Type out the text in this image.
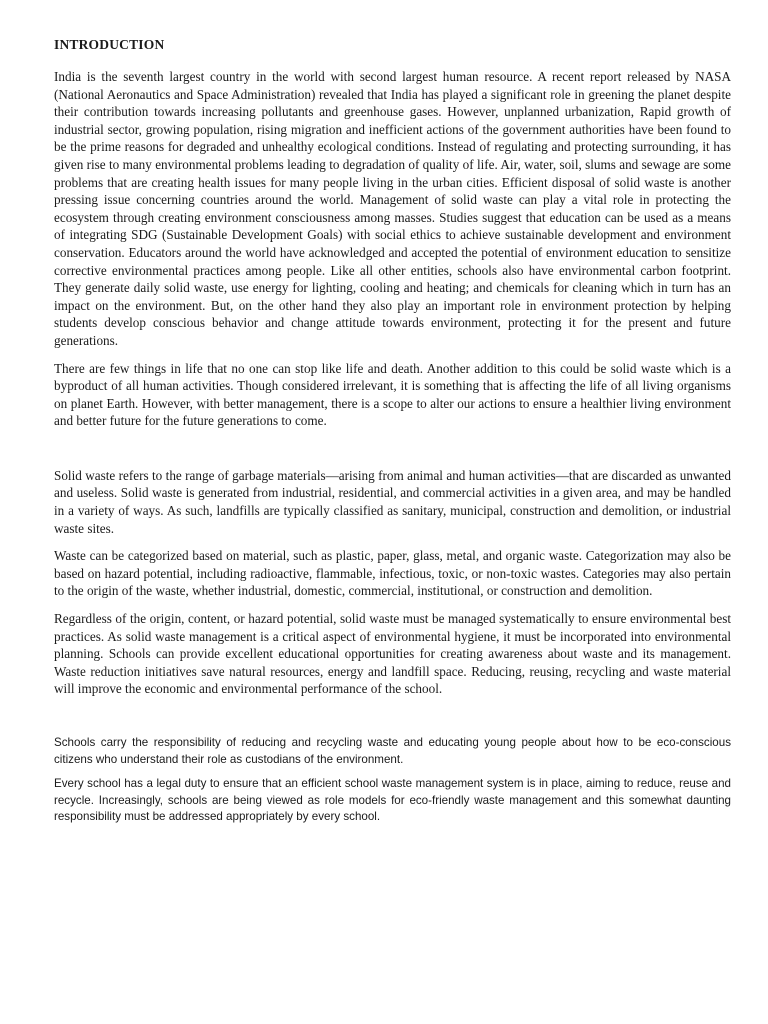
INTRODUCTION

India is the seventh largest country in the world with second largest human resource. A recent report released by NASA (National Aeronautics and Space Administration) revealed that India has played a significant role in greening the planet despite their contribution towards increasing pollutants and greenhouse gases. However, unplanned urbanization, Rapid growth of industrial sector, growing population, rising migration and inefficient actions of the government authorities have been found to be the prime reasons for degraded and unhealthy ecological conditions. Instead of regulating and protecting surrounding, it has given rise to many environmental problems leading to degradation of quality of life. Air, water, soil, slums and sewage are some problems that are creating health issues for many people living in the urban cities. Efficient disposal of solid waste is another pressing issue concerning countries around the world. Management of solid waste can play a vital role in protecting the ecosystem through creating environment consciousness among masses. Studies suggest that education can be used as a means of integrating SDG (Sustainable Development Goals) with social ethics to achieve sustainable development and environment conservation. Educators around the world have acknowledged and accepted the potential of environment education to sensitize corrective environmental practices among people. Like all other entities, schools also have environmental carbon footprint. They generate daily solid waste, use energy for lighting, cooling and heating; and chemicals for cleaning which in turn has an impact on the environment. But, on the other hand they also play an important role in environment protection by helping students develop conscious behavior and change attitude towards environment, protecting it for the present and future generations.

There are few things in life that no one can stop like life and death. Another addition to this could be solid waste which is a byproduct of all human activities. Though considered irrelevant, it is something that is affecting the life of all living organisms on planet Earth. However, with better management, there is a scope to alter our actions to ensure a healthier living environment and better future for the future generations to come.

Solid waste refers to the range of garbage materials—arising from animal and human activities—that are discarded as unwanted and useless. Solid waste is generated from industrial, residential, and commercial activities in a given area, and may be handled in a variety of ways. As such, landfills are typically classified as sanitary, municipal, construction and demolition, or industrial waste sites.

Waste can be categorized based on material, such as plastic, paper, glass, metal, and organic waste. Categorization may also be based on hazard potential, including radioactive, flammable, infectious, toxic, or non-toxic wastes. Categories may also pertain to the origin of the waste, whether industrial, domestic, commercial, institutional, or construction and demolition.

Regardless of the origin, content, or hazard potential, solid waste must be managed systematically to ensure environmental best practices. As solid waste management is a critical aspect of environmental hygiene, it must be incorporated into environmental planning. Schools can provide excellent educational opportunities for creating awareness about waste and its management. Waste reduction initiatives save natural resources, energy and landfill space. Reducing, reusing, recycling and waste material will improve the economic and environmental performance of the school.

Schools carry the responsibility of reducing and recycling waste and educating young people about how to be eco-conscious citizens who understand their role as custodians of the environment.

Every school has a legal duty to ensure that an efficient school waste management system is in place, aiming to reduce, reuse and recycle. Increasingly, schools are being viewed as role models for eco-friendly waste management and this somewhat daunting responsibility must be addressed appropriately by every school.
